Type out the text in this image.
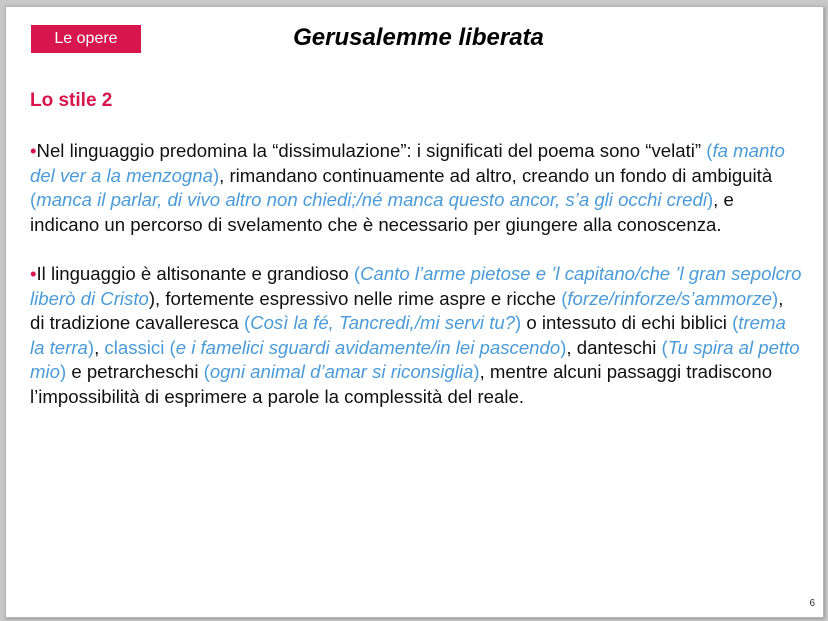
Le opere	Gerusalemme liberata
Lo stile 2

•Nel linguaggio predomina la “dissimulazione”: i significati del poema sono “velati” (fa manto del ver a la menzogna), rimandano continuamente ad altro, creando un fondo di ambiguità (manca il parlar, di vivo altro non chiedi;/né manca questo ancor, s’a gli occhi credi), e indicano un percorso di svelamento che è necessario per giungere alla conoscenza.

•Il linguaggio è altisonante e grandioso (Canto l’arme pietose e ’l capitano/che ’l gran sepolcro liberò di Cristo), fortemente espressivo nelle rime aspre e ricche (forze/rinforze/s’ammorze), di tradizione cavalleresca (Così la fé, Tancredi,/mi servi tu?) o intessuto di echi biblici (trema la terra), classici (e i famelici sguardi avidamente/in lei pascendo), danteschi (Tu spira al petto mio) e petrarcheschi (ogni animal d’amar si riconsiglia), mentre alcuni passaggi tradiscono l’impossibilità di esprimere a parole la complessità del reale.

6
